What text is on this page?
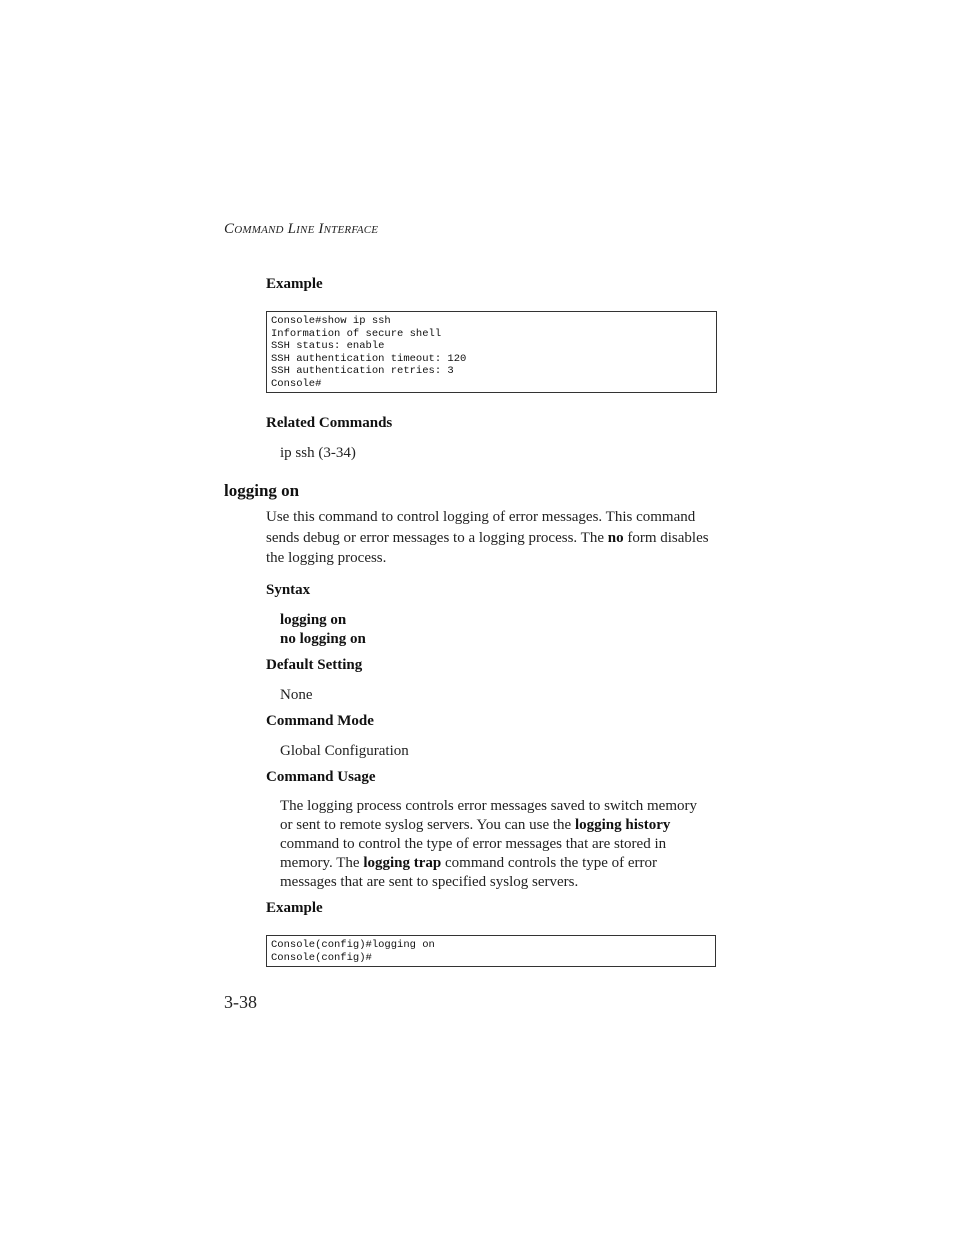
Command Line Interface
Example
Console#show ip ssh
Information of secure shell
SSH status: enable
SSH authentication timeout: 120
SSH authentication retries: 3
Console#
Related Commands
ip ssh (3-34)
logging on
Use this command to control logging of error messages. This command sends debug or error messages to a logging process. The no form disables the logging process.
Syntax
logging on
no logging on
Default Setting
None
Command Mode
Global Configuration
Command Usage
The logging process controls error messages saved to switch memory or sent to remote syslog servers. You can use the logging history command to control the type of error messages that are stored in memory. The logging trap command controls the type of error messages that are sent to specified syslog servers.
Example
Console(config)#logging on
Console(config)#
3-38
